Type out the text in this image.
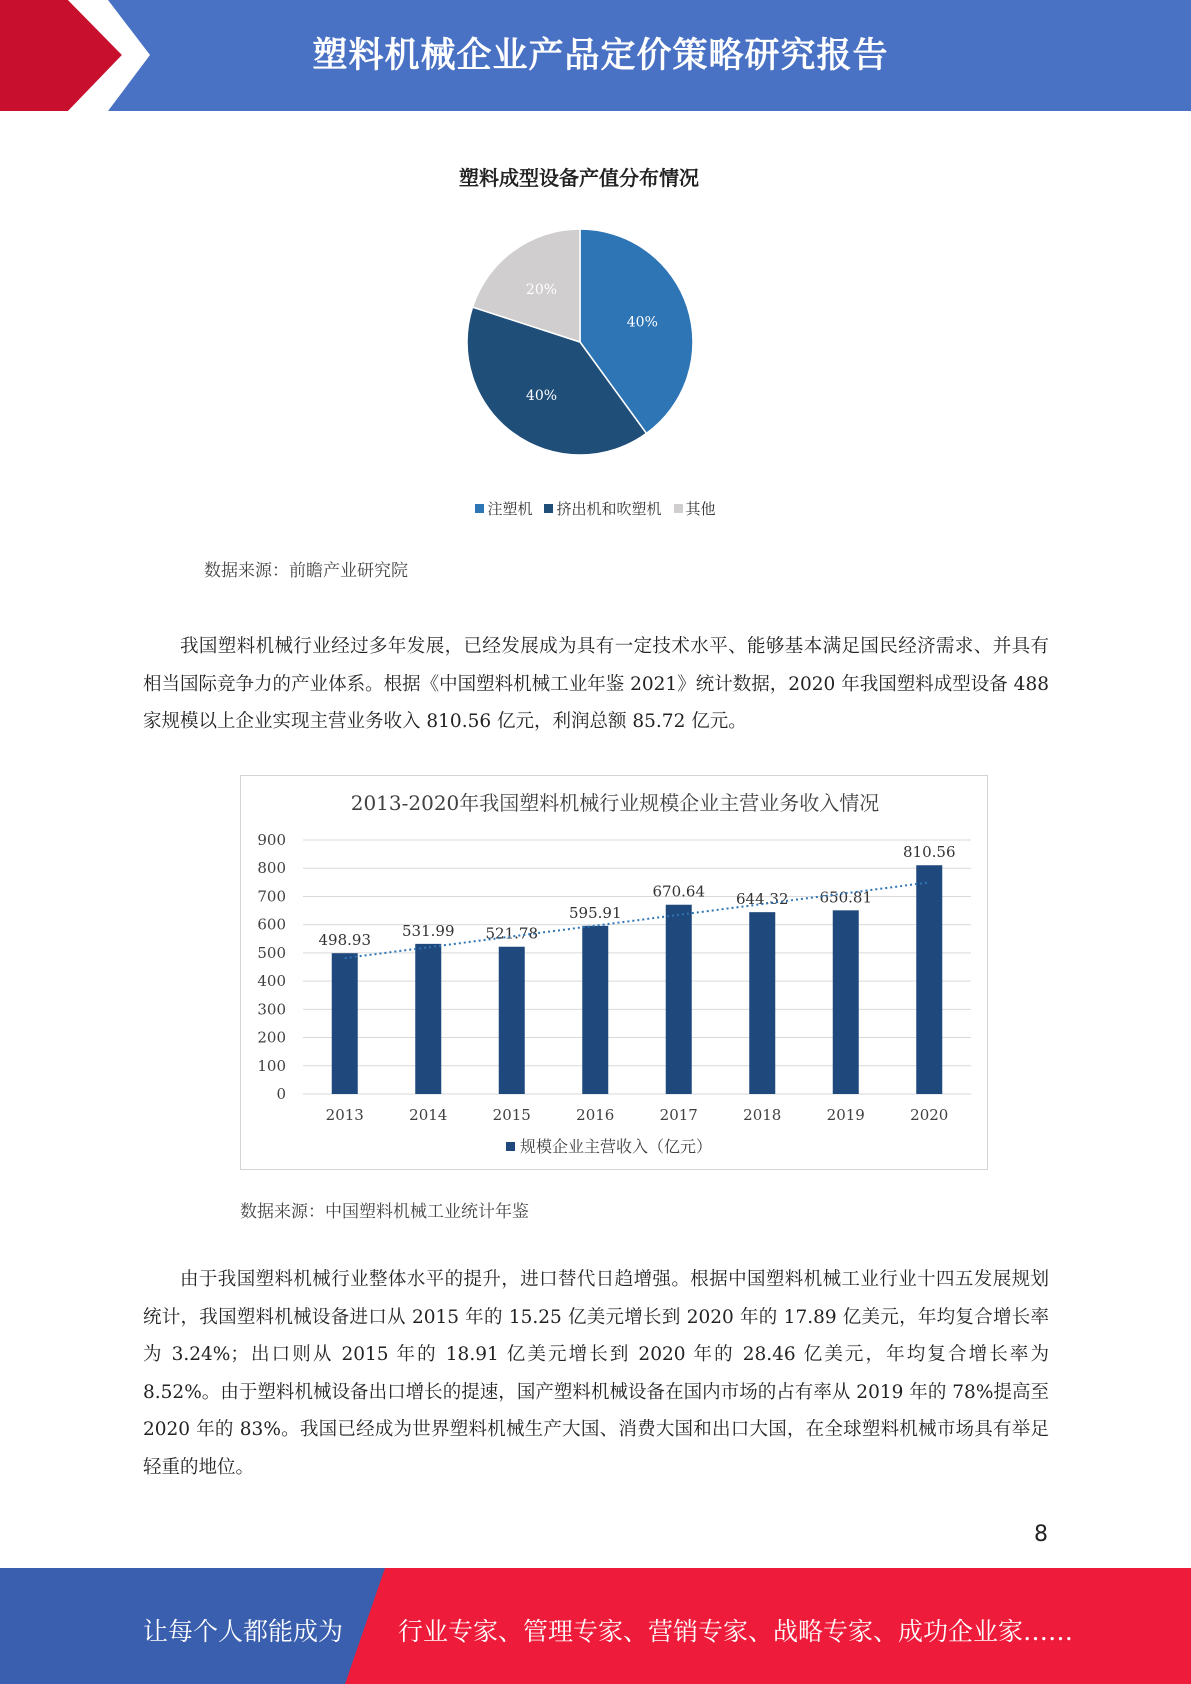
塑料机械企业产品定价策略研究报告
塑料成型设备产值分布情况
40%
40%
20%
注塑机 挤出机和吹塑机 其他
数据来源：前瞻产业研究院
我国塑料机械行业经过多年发展，已经发展成为具有一定技术水平、能够基本满足国民经济需求、并具有相当国际竞争力的产业体系。根据《中国塑料机械工业年鉴 2021》统计数据，2020 年我国塑料成型设备 488 家规模以上企业实现主营业务收入 810.56 亿元，利润总额 85.72 亿元。
2013-2020年我国塑料机械行业规模企业主营业务收入情况
0
100
200
300
400
500
600
700
800
900
498.93
2013
531.99
2014
521.78
2015
595.91
2016
670.64
2017
644.32
2018
650.81
2019
810.56
2020
规模企业主营收入（亿元）
数据来源：中国塑料机械工业统计年鉴
由于我国塑料机械行业整体水平的提升，进口替代日趋增强。根据中国塑料机械工业行业十四五发展规划统计，我国塑料机械设备进口从 2015 年的 15.25 亿美元增长到 2020 年的 17.89 亿美元，年均复合增长率为 3.24%；出口则从 2015 年的 18.91 亿美元增长到 2020 年的 28.46 亿美元，年均复合增长率为 8.52%。由于塑料机械设备出口增长的提速，国产塑料机械设备在国内市场的占有率从 2019 年的 78%提高至 2020 年的 83%。我国已经成为世界塑料机械生产大国、消费大国和出口大国，在全球塑料机械市场具有举足轻重的地位。
8
让每个人都能成为 行业专家、管理专家、营销专家、战略专家、成功企业家……
